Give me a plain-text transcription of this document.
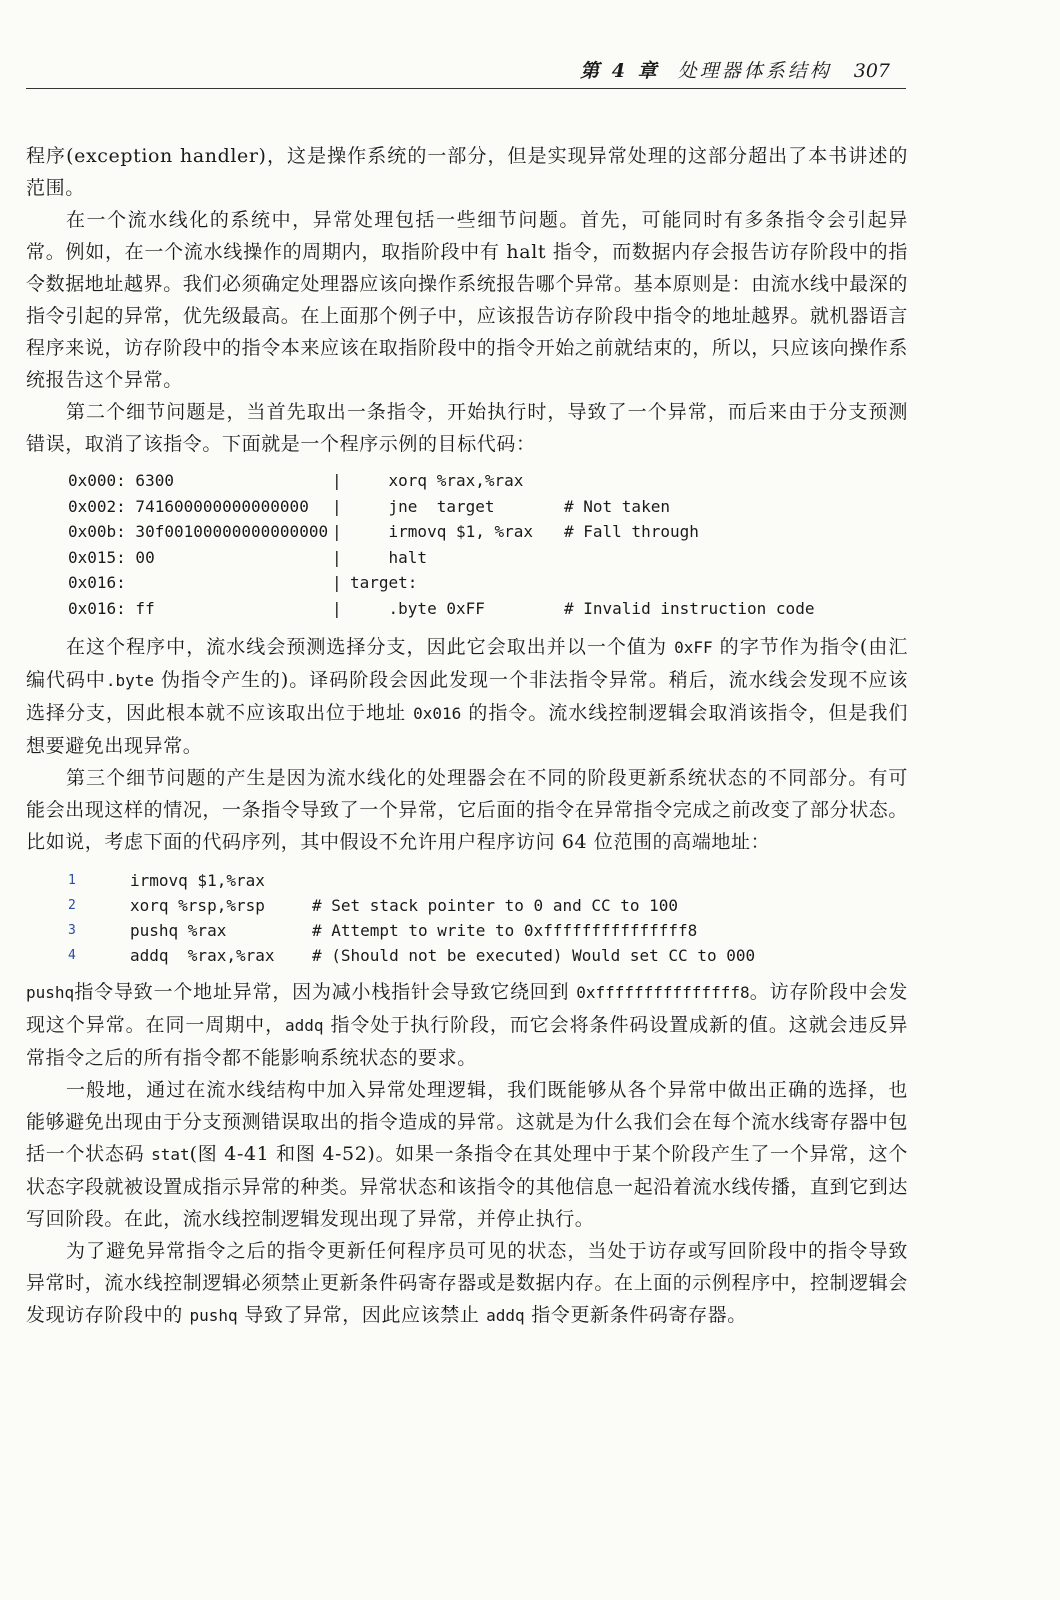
第 4 章 处理器体系结构 307

程序(exception handler)，这是操作系统的一部分，但是实现异常处理的这部分超出了本书讲述的范围。

在一个流水线化的系统中，异常处理包括一些细节问题。首先，可能同时有多条指令会引起异常。例如，在一个流水线操作的周期内，取指阶段中有 halt 指令，而数据内存会报告访存阶段中的指令数据地址越界。我们必须确定处理器应该向操作系统报告哪个异常。基本原则是：由流水线中最深的指令引起的异常，优先级最高。在上面那个例子中，应该报告访存阶段中指令的地址越界。就机器语言程序来说，访存阶段中的指令本来应该在取指阶段中的指令开始之前就结束的，所以，只应该向操作系统报告这个异常。

第二个细节问题是，当首先取出一条指令，开始执行时，导致了一个异常，而后来由于分支预测错误，取消了该指令。下面就是一个程序示例的目标代码：

0x000: 6300	| xorq %rax,%rax
0x002: 741600000000000000	| jne  target	# Not taken
0x00b: 30f00100000000000000 | irmovq $1, %rax	# Fall through
0x015: 00	| halt
0x016:	| target:
0x016: ff	| .byte 0xFF	# Invalid instruction code

在这个程序中，流水线会预测选择分支，因此它会取出并以一个值为 0xFF 的字节作为指令(由汇编代码中.byte 伪指令产生的)。译码阶段会因此发现一个非法指令异常。稍后，流水线会发现不应该选择分支，因此根本就不应该取出位于地址 0x016 的指令。流水线控制逻辑会取消该指令，但是我们想要避免出现异常。

第三个细节问题的产生是因为流水线化的处理器会在不同的阶段更新系统状态的不同部分。有可能会出现这样的情况，一条指令导致了一个异常，它后面的指令在异常指令完成之前改变了部分状态。比如说，考虑下面的代码序列，其中假设不允许用户程序访问 64 位范围的高端地址：

1	irmovq $1,%rax
2	xorq %rsp,%rsp	# Set stack pointer to 0 and CC to 100
3	pushq %rax	# Attempt to write to 0xfffffffffffffff8
4	addq  %rax,%rax	# (Should not be executed) Would set CC to 000

pushq指令导致一个地址异常，因为减小栈指针会导致它绕回到 0xfffffffffffffff8。访存阶段中会发现这个异常。在同一周期中，addq 指令处于执行阶段，而它会将条件码设置成新的值。这就会违反异常指令之后的所有指令都不能影响系统状态的要求。

一般地，通过在流水线结构中加入异常处理逻辑，我们既能够从各个异常中做出正确的选择，也能够避免出现由于分支预测错误取出的指令造成的异常。这就是为什么我们会在每个流水线寄存器中包括一个状态码 stat(图 4-41 和图 4-52)。如果一条指令在其处理中于某个阶段产生了一个异常，这个状态字段就被设置成指示异常的种类。异常状态和该指令的其他信息一起沿着流水线传播，直到它到达写回阶段。在此，流水线控制逻辑发现出现了异常，并停止执行。

为了避免异常指令之后的指令更新任何程序员可见的状态，当处于访存或写回阶段中的指令导致异常时，流水线控制逻辑必须禁止更新条件码寄存器或是数据内存。在上面的示例程序中，控制逻辑会发现访存阶段中的 pushq 导致了异常，因此应该禁止 addq 指令更新条件码寄存器。
